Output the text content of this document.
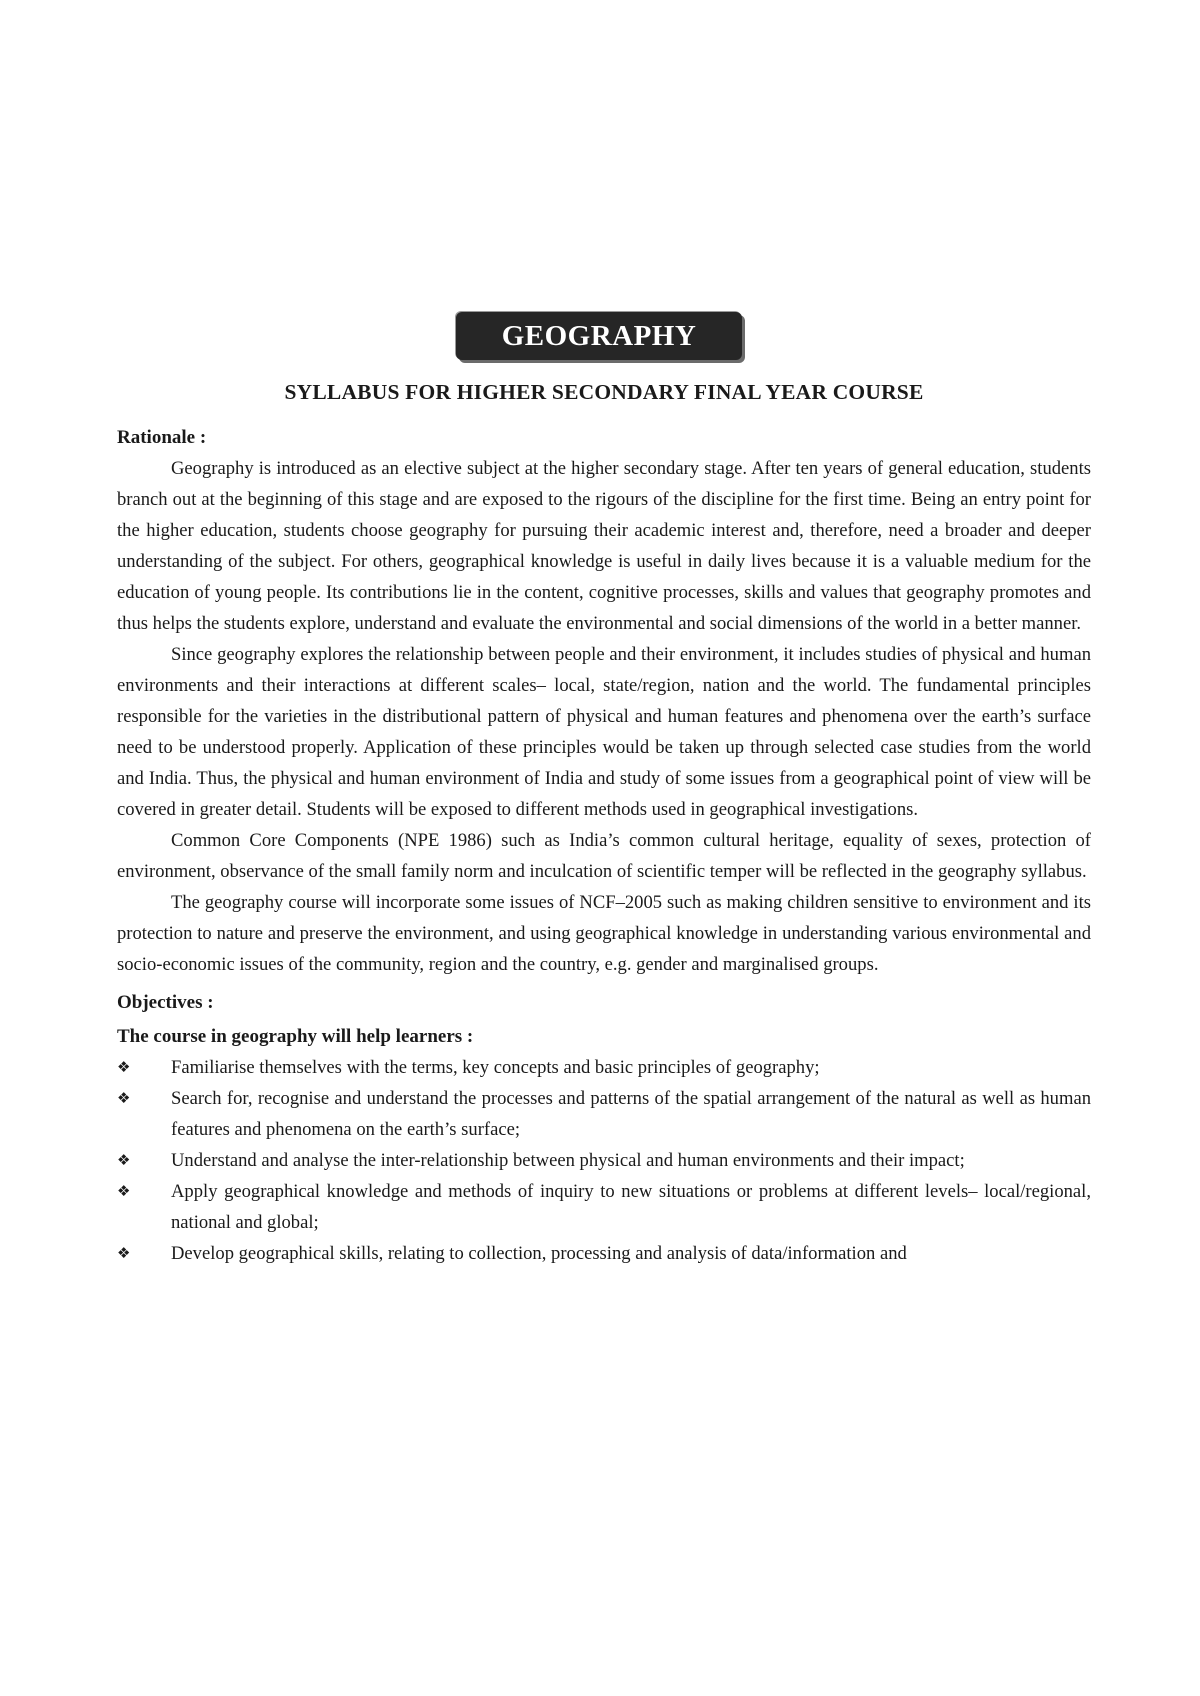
GEOGRAPHY
SYLLABUS FOR HIGHER SECONDARY FINAL YEAR COURSE

Rationale :

Geography is introduced as an elective subject at the higher secondary stage. After ten years of general education, students branch out at the beginning of this stage and are exposed to the rigours of the discipline for the first time. Being an entry point for the higher education, students choose geography for pursuing their academic interest and, therefore, need a broader and deeper understanding of the subject. For others, geographical knowledge is useful in daily lives because it is a valuable medium for the education of young people. Its contributions lie in the content, cognitive processes, skills and values that geography promotes and thus helps the students explore, understand and evaluate the environmental and social dimensions of the world in a better manner.

Since geography explores the relationship between people and their environment, it includes studies of physical and human environments and their interactions at different scales– local, state/region, nation and the world. The fundamental principles responsible for the varieties in the distributional pattern of physical and human features and phenomena over the earth’s surface need to be understood properly. Application of these principles would be taken up through selected case studies from the world and India. Thus, the physical and human environment of India and study of some issues from a geographical point of view will be covered in greater detail. Students will be exposed to different methods used in geographical investigations.

Common Core Components (NPE 1986) such as India’s common cultural heritage, equality of sexes, protection of environment, observance of the small family norm and inculcation of scientific temper will be reflected in the geography syllabus.

The geography course will incorporate some issues of NCF–2005 such as making children sensitive to environment and its protection to nature and preserve the environment, and using geographical knowledge in understanding various environmental and socio-economic issues of the community, region and the country, e.g. gender and marginalised groups.

Objectives :

The course in geography will help learners :

❖	Familiarise themselves with the terms, key concepts and basic principles of geography;
❖	Search for, recognise and understand the processes and patterns of the spatial arrangement of the natural as well as human features and phenomena on the earth’s surface;
❖	Understand and analyse the inter-relationship between physical and human environments and their impact;
❖	Apply geographical knowledge and methods of inquiry to new situations or problems at different levels– local/regional, national and global;
❖	Develop geographical skills, relating to collection, processing and analysis of data/information and
